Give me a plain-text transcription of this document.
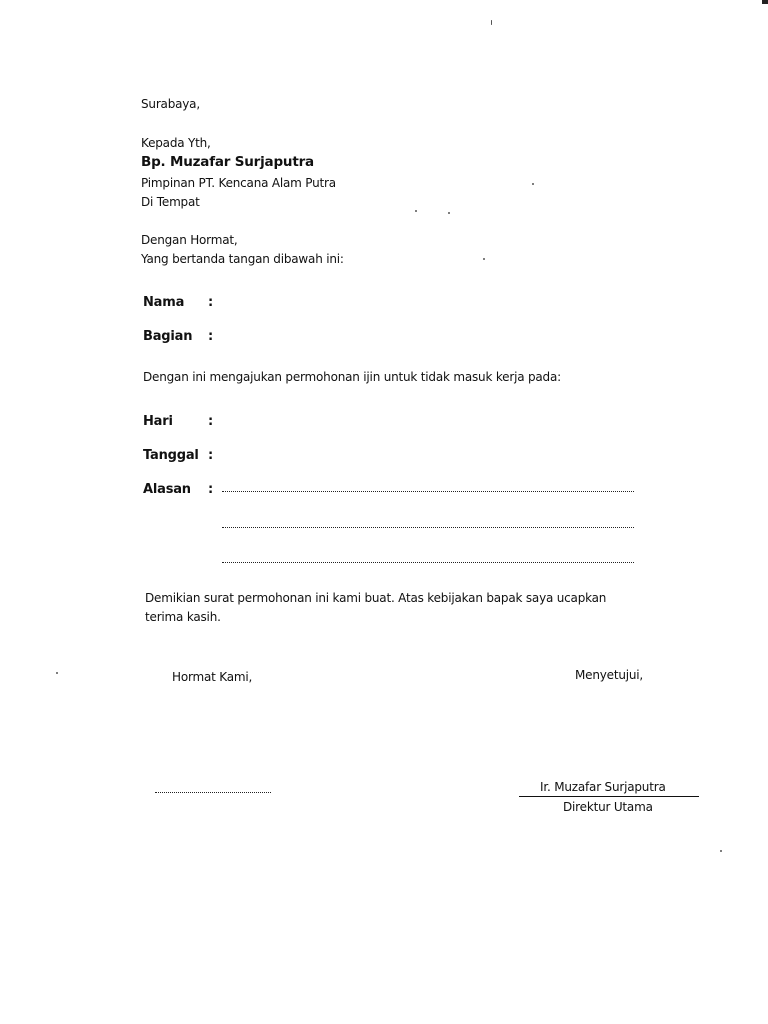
Surabaya,
Kepada Yth,
Bp. Muzafar Surjaputra
Pimpinan PT. Kencana Alam Putra
Di Tempat
Dengan Hormat,
Yang bertanda tangan dibawah ini:
Nama :
Bagian :
Dengan ini mengajukan permohonan ijin untuk tidak masuk kerja pada:
Hari	:
Tanggal :
Alasan :
Demikian surat permohonan ini kami buat. Atas kebijakan bapak saya ucapkan
terima kasih.
Hormat Kami,	Menyetujui,
Ir. Muzafar Surjaputra
Direktur Utama
